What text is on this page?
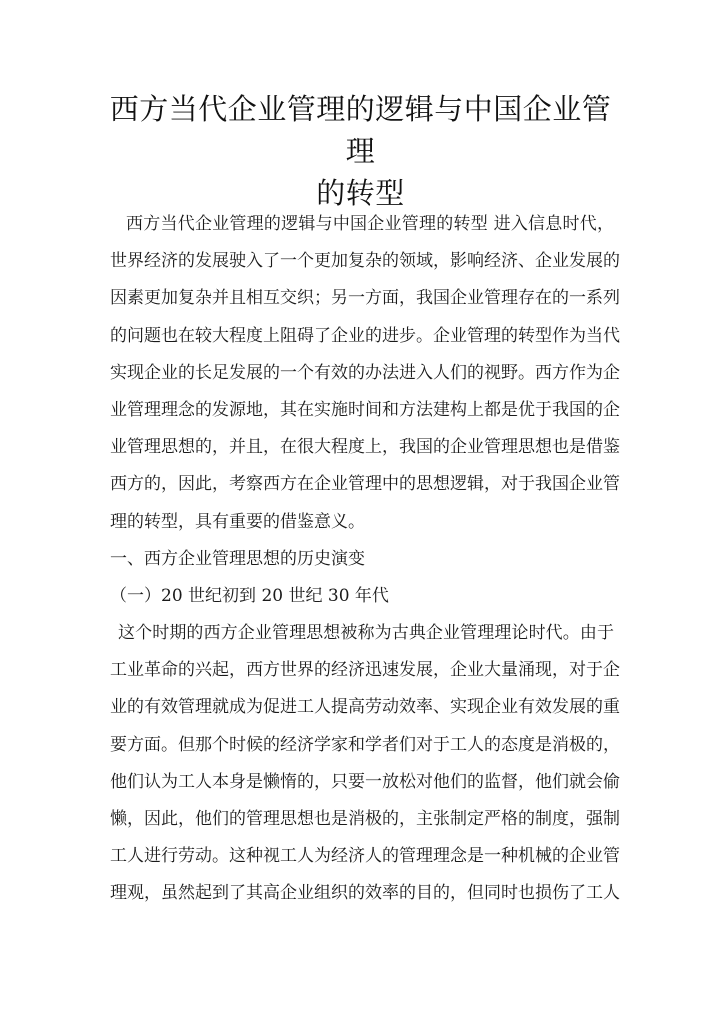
西方当代企业管理的逻辑与中国企业管理
的转型
西方当代企业管理的逻辑与中国企业管理的转型 进入信息时代，
世界经济的发展驶入了一个更加复杂的领域，影响经济、企业发展的
因素更加复杂并且相互交织；另一方面，我国企业管理存在的一系列
的问题也在较大程度上阻碍了企业的进步。企业管理的转型作为当代
实现企业的长足发展的一个有效的办法进入人们的视野。西方作为企
业管理理念的发源地，其在实施时间和方法建构上都是优于我国的企
业管理思想的，并且，在很大程度上，我国的企业管理思想也是借鉴
西方的，因此，考察西方在企业管理中的思想逻辑，对于我国企业管
理的转型，具有重要的借鉴意义。
一、西方企业管理思想的历史演变
（一）20 世纪初到 20 世纪 30 年代
这个时期的西方企业管理思想被称为古典企业管理理论时代。由于
工业革命的兴起，西方世界的经济迅速发展，企业大量涌现，对于企
业的有效管理就成为促进工人提高劳动效率、实现企业有效发展的重
要方面。但那个时候的经济学家和学者们对于工人的态度是消极的，
他们认为工人本身是懒惰的，只要一放松对他们的监督，他们就会偷
懒，因此，他们的管理思想也是消极的，主张制定严格的制度，强制
工人进行劳动。这种视工人为经济人的管理理念是一种机械的企业管
理观，虽然起到了其高企业组织的效率的目的，但同时也损伤了工人
